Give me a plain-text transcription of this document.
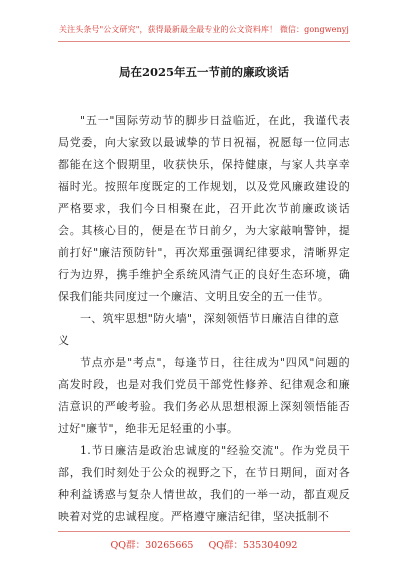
关注头条号"公文研究"，获得最新最全最专业的公文资料库！ 微信：gongwenyj
局在2025年五一节前的廉政谈话

"五一"国际劳动节的脚步日益临近，在此，我谨代表局党委，向大家致以最诚挚的节日祝福，祝愿每一位同志都能在这个假期里，收获快乐，保持健康，与家人共享幸福时光。按照年度既定的工作规划，以及党风廉政建设的严格要求，我们今日相聚在此，召开此次节前廉政谈话会。其核心目的，便是在节日前夕，为大家敲响警钟，提前打好"廉洁预防针"，再次郑重强调纪律要求，清晰界定行为边界，携手维护全系统风清气正的良好生态环境，确保我们能共同度过一个廉洁、文明且安全的五一佳节。

一、筑牢思想"防火墙"，深刻领悟节日廉洁自律的意义

节点亦是"考点"，每逢节日，往往成为"四风"问题的高发时段，也是对我们党员干部党性修养、纪律观念和廉洁意识的严峻考验。我们务必从思想根源上深刻领悟能否过好"廉节"，绝非无足轻重的小事。

1.节日廉洁是政治忠诚度的"经验交流"。作为党员干部，我们时刻处于公众的视野之下，在节日期间，面对各种利益诱惑与复杂人情世故，我们的一举一动，都直观反映着对党的忠诚程度。严格遵守廉洁纪律，坚决抵制不

QQ群：30265665 QQ群：535304092
